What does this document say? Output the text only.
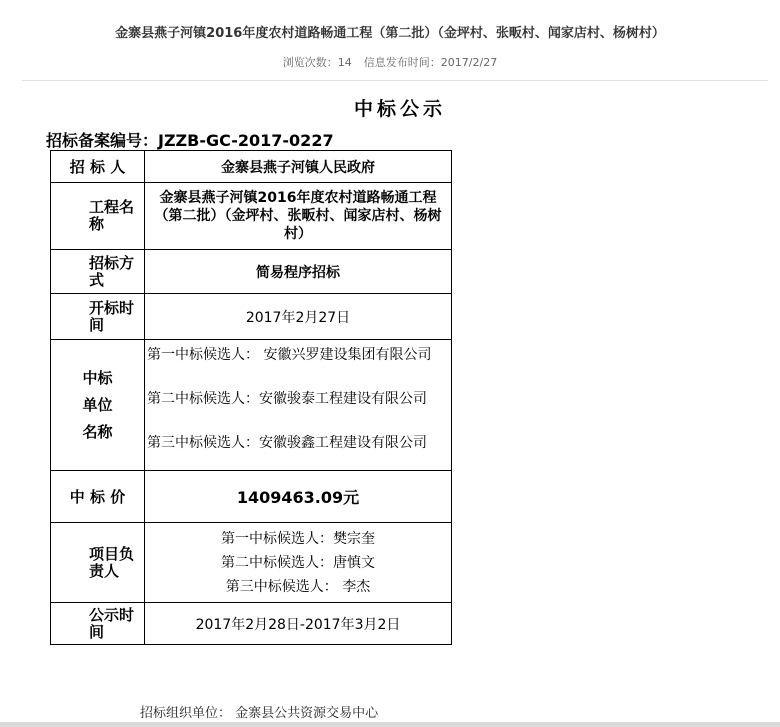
金寨县燕子河镇2016年度农村道路畅通工程（第二批）（金坪村、张畈村、闻家店村、杨树村）
浏览次数：14 信息发布时间：2017/2/27
中标公示
招标备案编号：JZZB-GC-2017-0227
招 标 人	金寨县燕子河镇人民政府
工程名称	金寨县燕子河镇2016年度农村道路畅通工程（第二批）（金坪村、张畈村、闻家店村、杨树村）
招标方式	简易程序招标
开标时间	2017年2月27日
中标单位名称	第一中标候选人： 安徽兴罗建设集团有限公司
第二中标候选人：安徽骏泰工程建设有限公司
第三中标候选人：安徽骏鑫工程建设有限公司

中 标 价	1409463.09元
项目负责人	第一中标候选人：樊宗奎
第二中标候选人：唐慎文
第三中标候选人： 李杰

公示时间	2017年2月28日-2017年3月2日
招标组织单位： 金寨县公共资源交易中心
